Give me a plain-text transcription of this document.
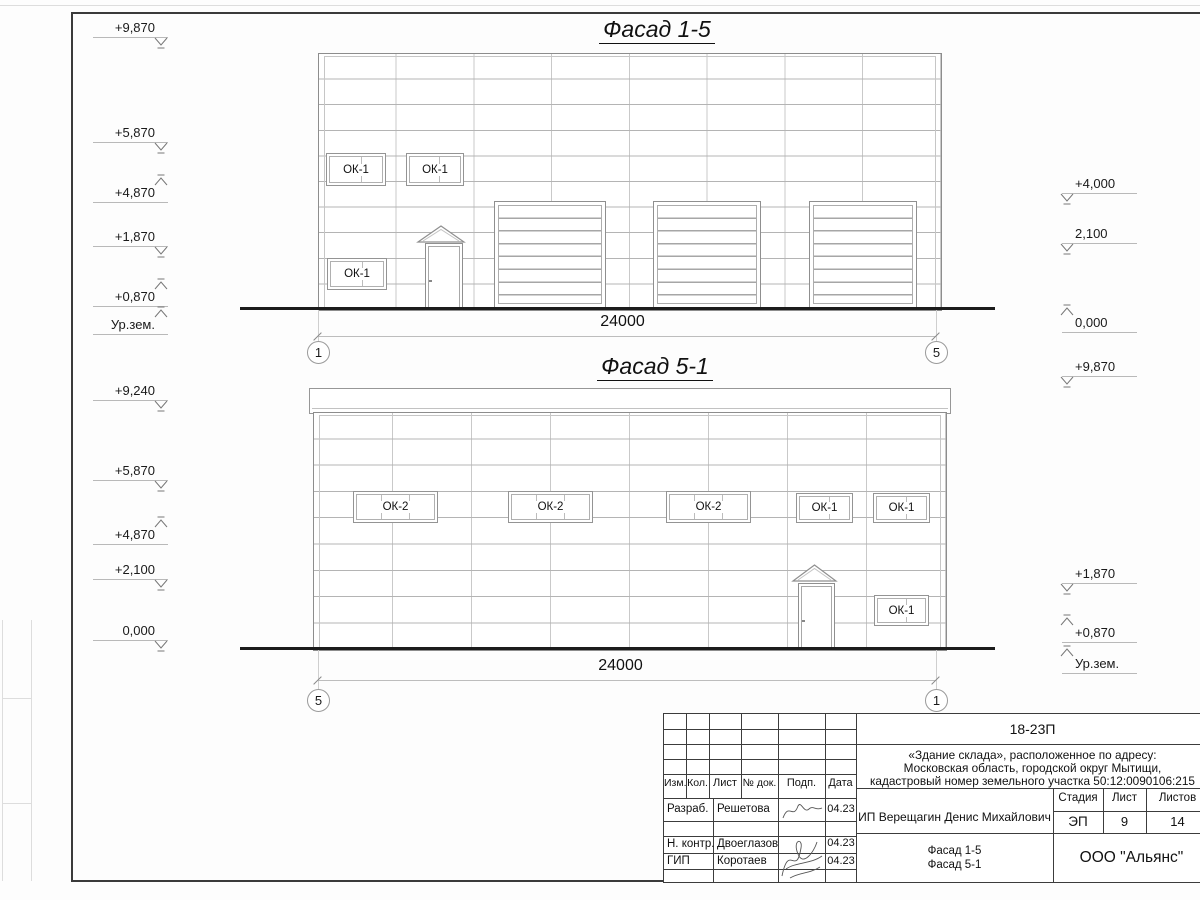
Фасад 1-5
ОК-1	ОК-1
ОК-1
24000
1	5
+9,870
+5,870
+4,870
+1,870
+0,870
Ур.зем.
+4,000
2,100
0,000
Фасад 5-1
ОК-2	ОК-2	ОК-2	ОК-1	ОК-1
ОК-1
24000
5	1
+9,240
+5,870
+4,870
+2,100
0,000
+9,870
+1,870
+0,870
Ур.зем.
Изм. Кол. Лист № док. Подп.	Дата
Разраб. Решетова	04.23
Н. контр. Двоеглазов	04.23
ГИП Коротаев	04.23
18-23П
«Здание склада», расположенное по адресу:
Московская область, городской округ Мытищи,
кадастровый номер земельного участка 50:12:0090106:215
ИП Верещагин Денис Михайлович
Стадия	Лист	Листов
ЭП	9	14
Фасад 1-5
Фасад 5-1	ООО "Альянс"
